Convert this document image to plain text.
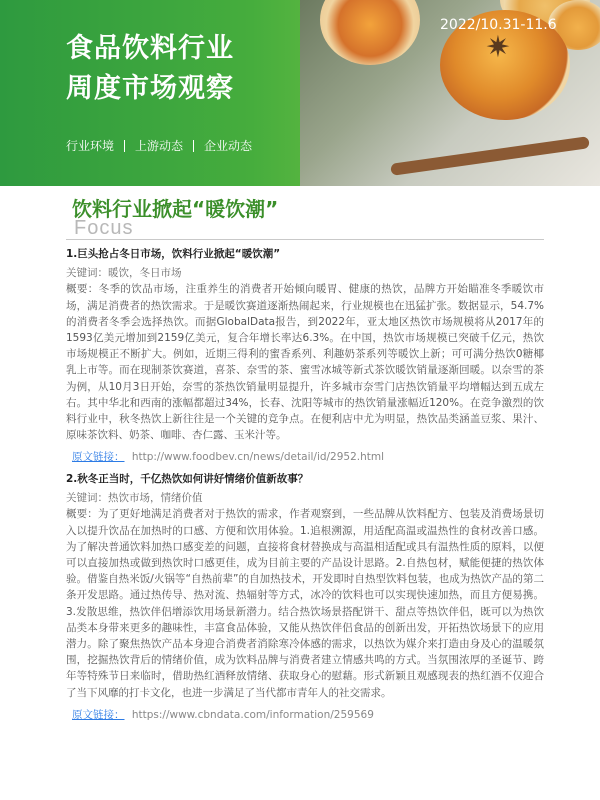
✷
食品饮料行业
周度市场观察
2022/10.31-11.6
行业环境 上游动态 企业动态
饮料行业掀起“暖饮潮”
Focus
1.巨头抢占冬日市场，饮料行业掀起“暖饮潮”
关键词：暖饮，冬日市场
概要：冬季的饮品市场，注重养生的消费者开始倾向暖胃、健康的热饮，品牌方开始瞄准冬季暖饮市场，满足消费者的热饮需求。于是暖饮赛道逐渐热闹起来，行业规模也在迅猛扩张。数据显示，54.7%的消费者冬季会选择热饮。而据GlobalData报告，到2022年，亚太地区热饮市场规模将从2017年的1593亿美元增加到2159亿美元，复合年增长率达6.3%。在中国，热饮市场规模已突破千亿元，热饮市场规模正不断扩大。例如，近期三得利的蜜香系列、利趣奶茶系列等暖饮上新；可可满分热饮0糖椰乳上市等。而在现制茶饮赛道，喜茶、奈雪的茶、蜜雪冰城等新式茶饮暖饮销量逐渐回暖。以奈雪的茶为例，从10月3日开始，奈雪的茶热饮销量明显提升，许多城市奈雪门店热饮销量平均增幅达到五成左右。其中华北和西南的涨幅都超过34%，长春、沈阳等城市的热饮销量涨幅近120%。在竞争激烈的饮料行业中，秋冬热饮上新往往是一个关键的竞争点。在便利店中尤为明显，热饮品类涵盖豆浆、果汁、原味茶饮料、奶茶、咖啡、杏仁露、玉米汁等。
原文链接： http://www.foodbev.cn/news/detail/id/2952.html
2.秋冬正当时，千亿热饮如何讲好情绪价值新故事？
关键词：热饮市场，情绪价值
概要：为了更好地满足消费者对于热饮的需求，作者观察到，一些品牌从饮料配方、包装及消费场景切入以提升饮品在加热时的口感、方便和饮用体验。1.追根溯源，用适配高温或温热性的食材改善口感。为了解决普通饮料加热口感变差的问题，直接将食材替换成与高温相适配或具有温热性质的原料，以便可以直接加热或做到热饮时口感更佳，成为目前主要的产品设计思路。2.自热包材，赋能便捷的热饮体验。借鉴自热米饭/火锅等“自热前辈”的自加热技术，开发即时自热型饮料包装，也成为热饮产品的第二条开发思路。通过热传导、热对流、热辐射等方式，冰冷的饮料也可以实现快速加热，而且方便易携。3.发散思维，热饮伴侣增添饮用场景新潜力。结合热饮场景搭配饼干、甜点等热饮伴侣，既可以为热饮品类本身带来更多的趣味性，丰富食品体验，又能从热饮伴侣食品的创新出发，开拓热饮场景下的应用潜力。除了聚焦热饮产品本身迎合消费者消除寒冷体感的需求，以热饮为媒介来打造由身及心的温暖氛围，挖掘热饮背后的情绪价值，成为饮料品牌与消费者建立情感共鸣的方式。当氛围浓厚的圣诞节、跨年等特殊节日来临时，借助热红酒释放情绪、获取身心的慰藉。形式新颖且观感现表的热红酒不仅迎合了当下风靡的打卡文化，也进一步满足了当代都市青年人的社交需求。
原文链接： https://www.cbndata.com/information/259569
